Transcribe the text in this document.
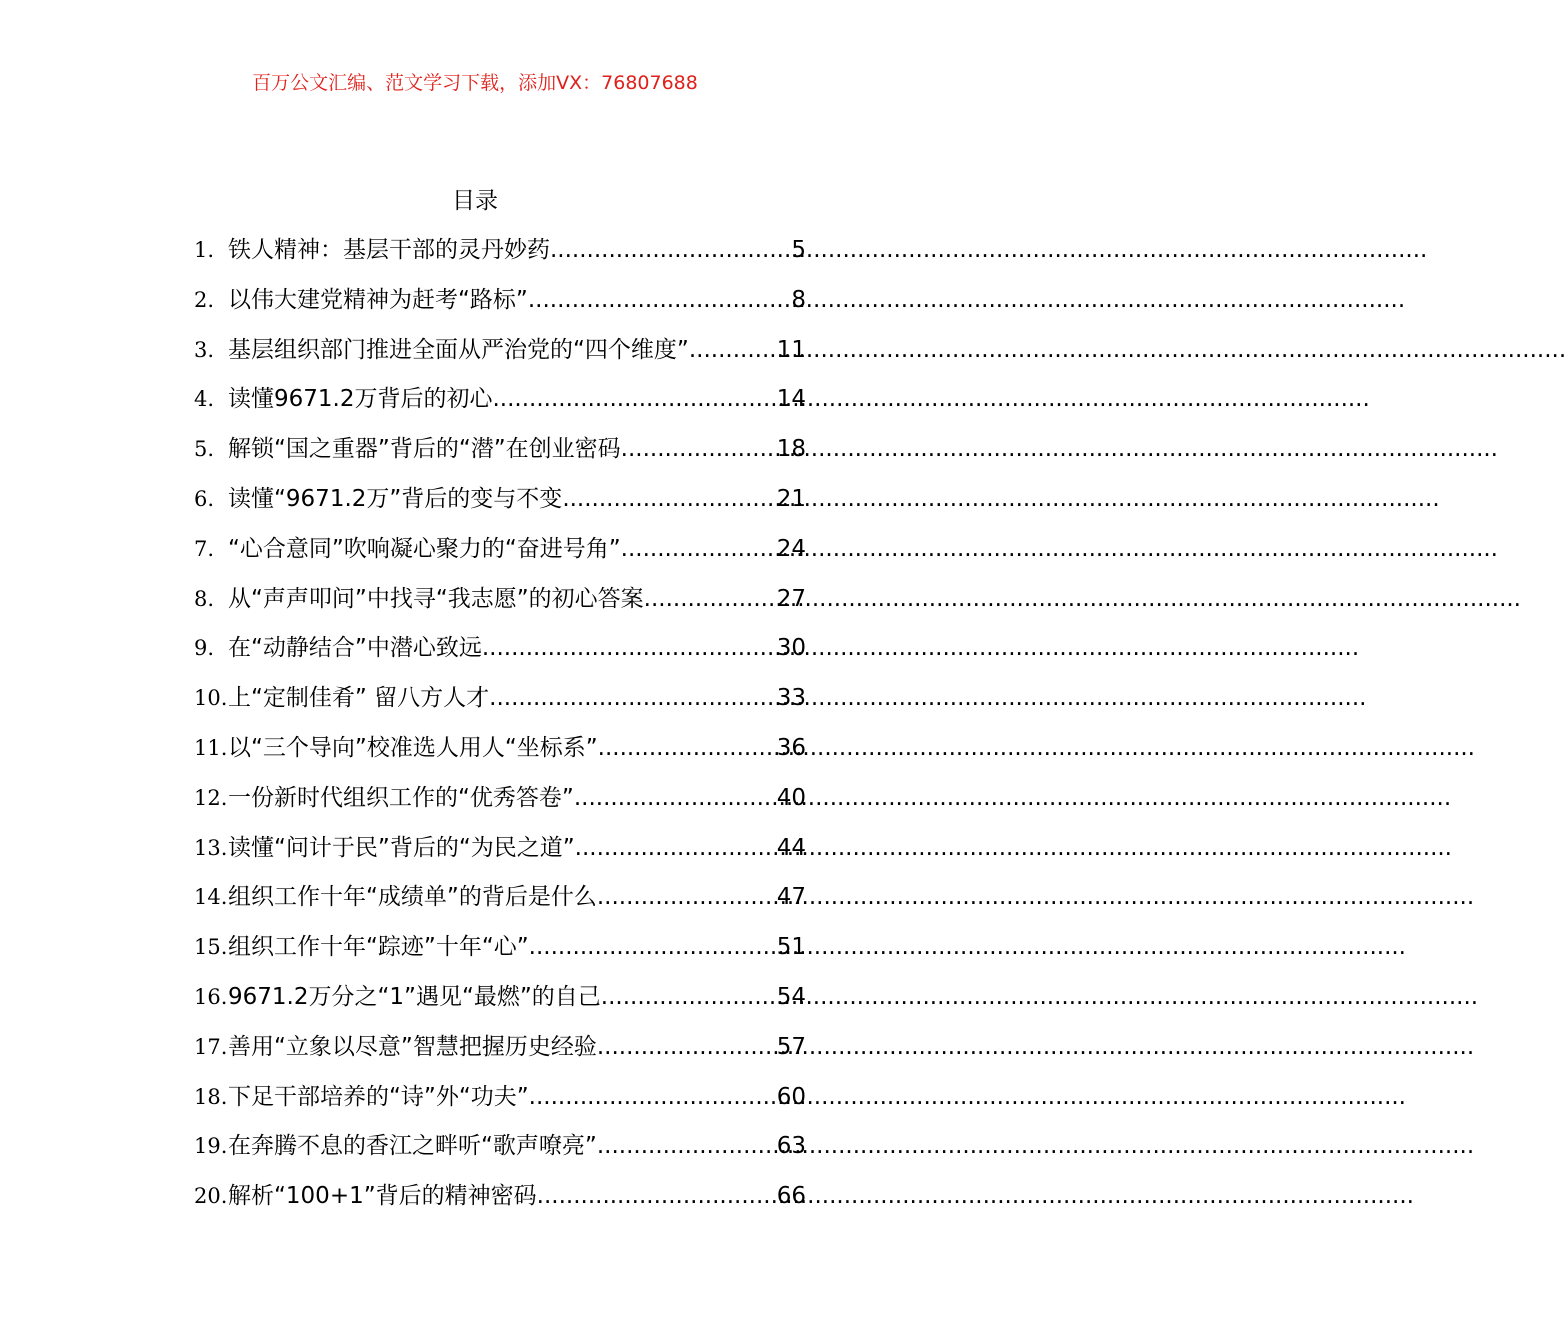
百万公文汇编、范文学习下载，添加VX：76807688
目录
1. 铁人精神：基层干部的灵丹妙药 .....	5
2. 以伟大建党精神为赶考“路标” .....	8
3. 基层组织部门推进全面从严治党的“四个维度” .....	11
4. 读懂9671.2万背后的初心 .....	14
5. 解锁“国之重器”背后的“潜”在创业密码 .....	18
6. 读懂“9671.2万”背后的变与不变 .....	21
7. “心合意同”吹响凝心聚力的“奋进号角” .....	24
8. 从“声声叩问”中找寻“我志愿”的初心答案 .....	27
9. 在“动静结合”中潜心致远 .....	30
10. 上“定制佳肴” 留八方人才 .....	33
11. 以“三个导向”校准选人用人“坐标系” .....	36
12. 一份新时代组织工作的“优秀答卷” .....	40
13. 读懂“问计于民”背后的“为民之道” .....	44
14. 组织工作十年“成绩单”的背后是什么 .....	47
15. 组织工作十年“踪迹”十年“心” .....	51
16. 9671.2万分之“1”遇见“最燃”的自己 .....	54
17. 善用“立象以尽意”智慧把握历史经验 .....	57
18. 下足干部培养的“诗”外“功夫” .....	60
19. 在奔腾不息的香江之畔听“歌声嘹亮” .....	63
20. 解析“100+1”背后的精神密码 .....	66
